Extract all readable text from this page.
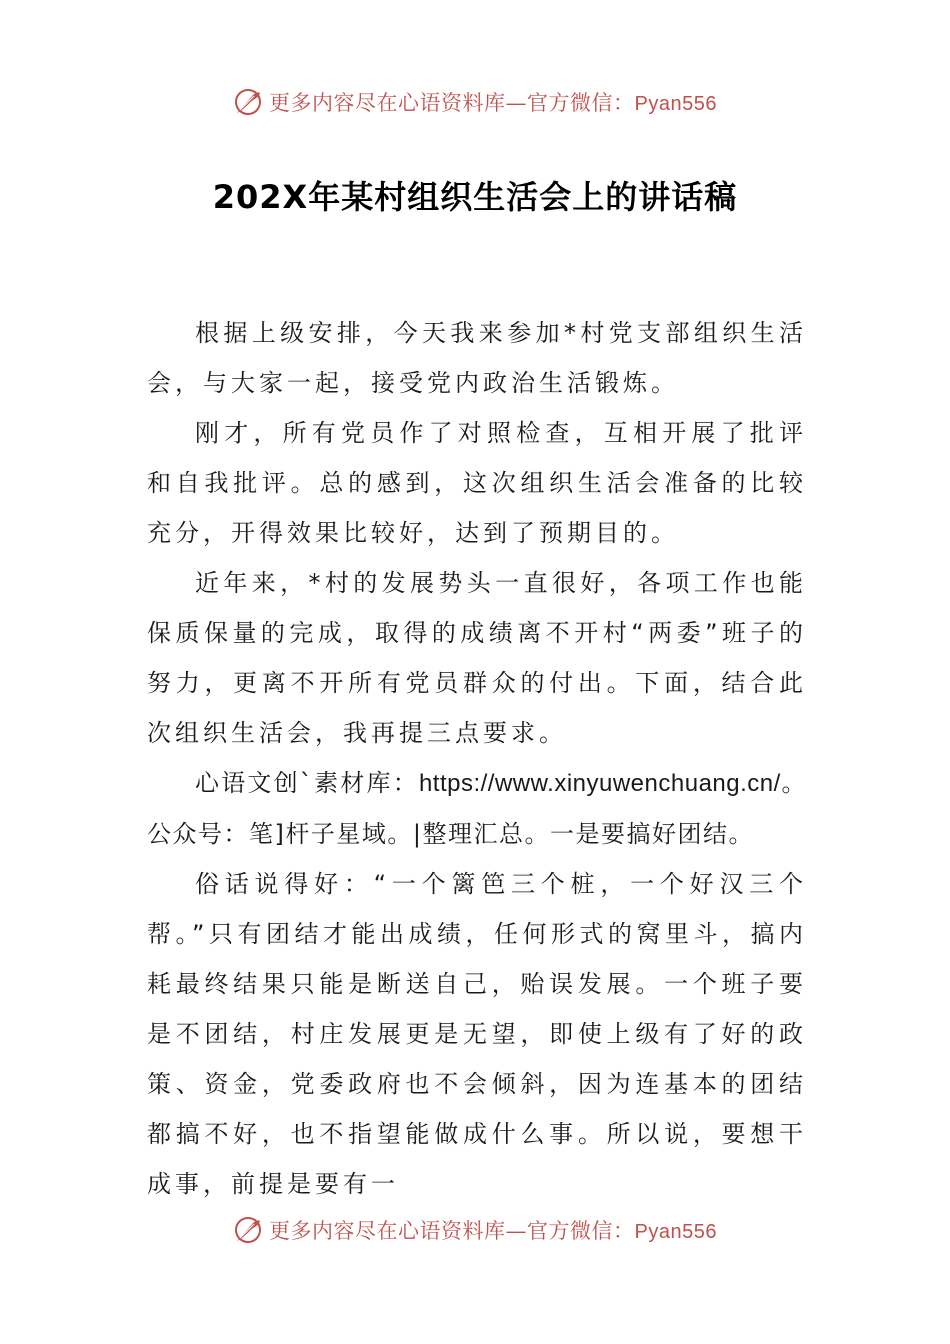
更多内容尽在心语资料库—官方微信：Pyan556
202X年某村组织生活会上的讲话稿

根据上级安排，今天我来参加*村党支部组织生活会，与大家一起，接受党内政治生活锻炼。

刚才，所有党员作了对照检查，互相开展了批评和自我批评。总的感到，这次组织生活会准备的比较充分，开得效果比较好，达到了预期目的。

近年来，*村的发展势头一直很好，各项工作也能保质保量的完成，取得的成绩离不开村“两委”班子的努力，更离不开所有党员群众的付出。下面，结合此次组织生活会，我再提三点要求。

心语文创`素材库：https://www.xinyuwenchuang.cn/。公众号：笔]杆子星域。|整理汇总。一是要搞好团结。

俗话说得好：“一个篱笆三个桩，一个好汉三个帮。”只有团结才能出成绩，任何形式的窝里斗，搞内耗最终结果只能是断送自己，贻误发展。一个班子要是不团结，村庄发展更是无望，即使上级有了好的政策、资金，党委政府也不会倾斜，因为连基本的团结都搞不好，也不指望能做成什么事。所以说，要想干成事，前提是要有一

更多内容尽在心语资料库—官方微信：Pyan556
